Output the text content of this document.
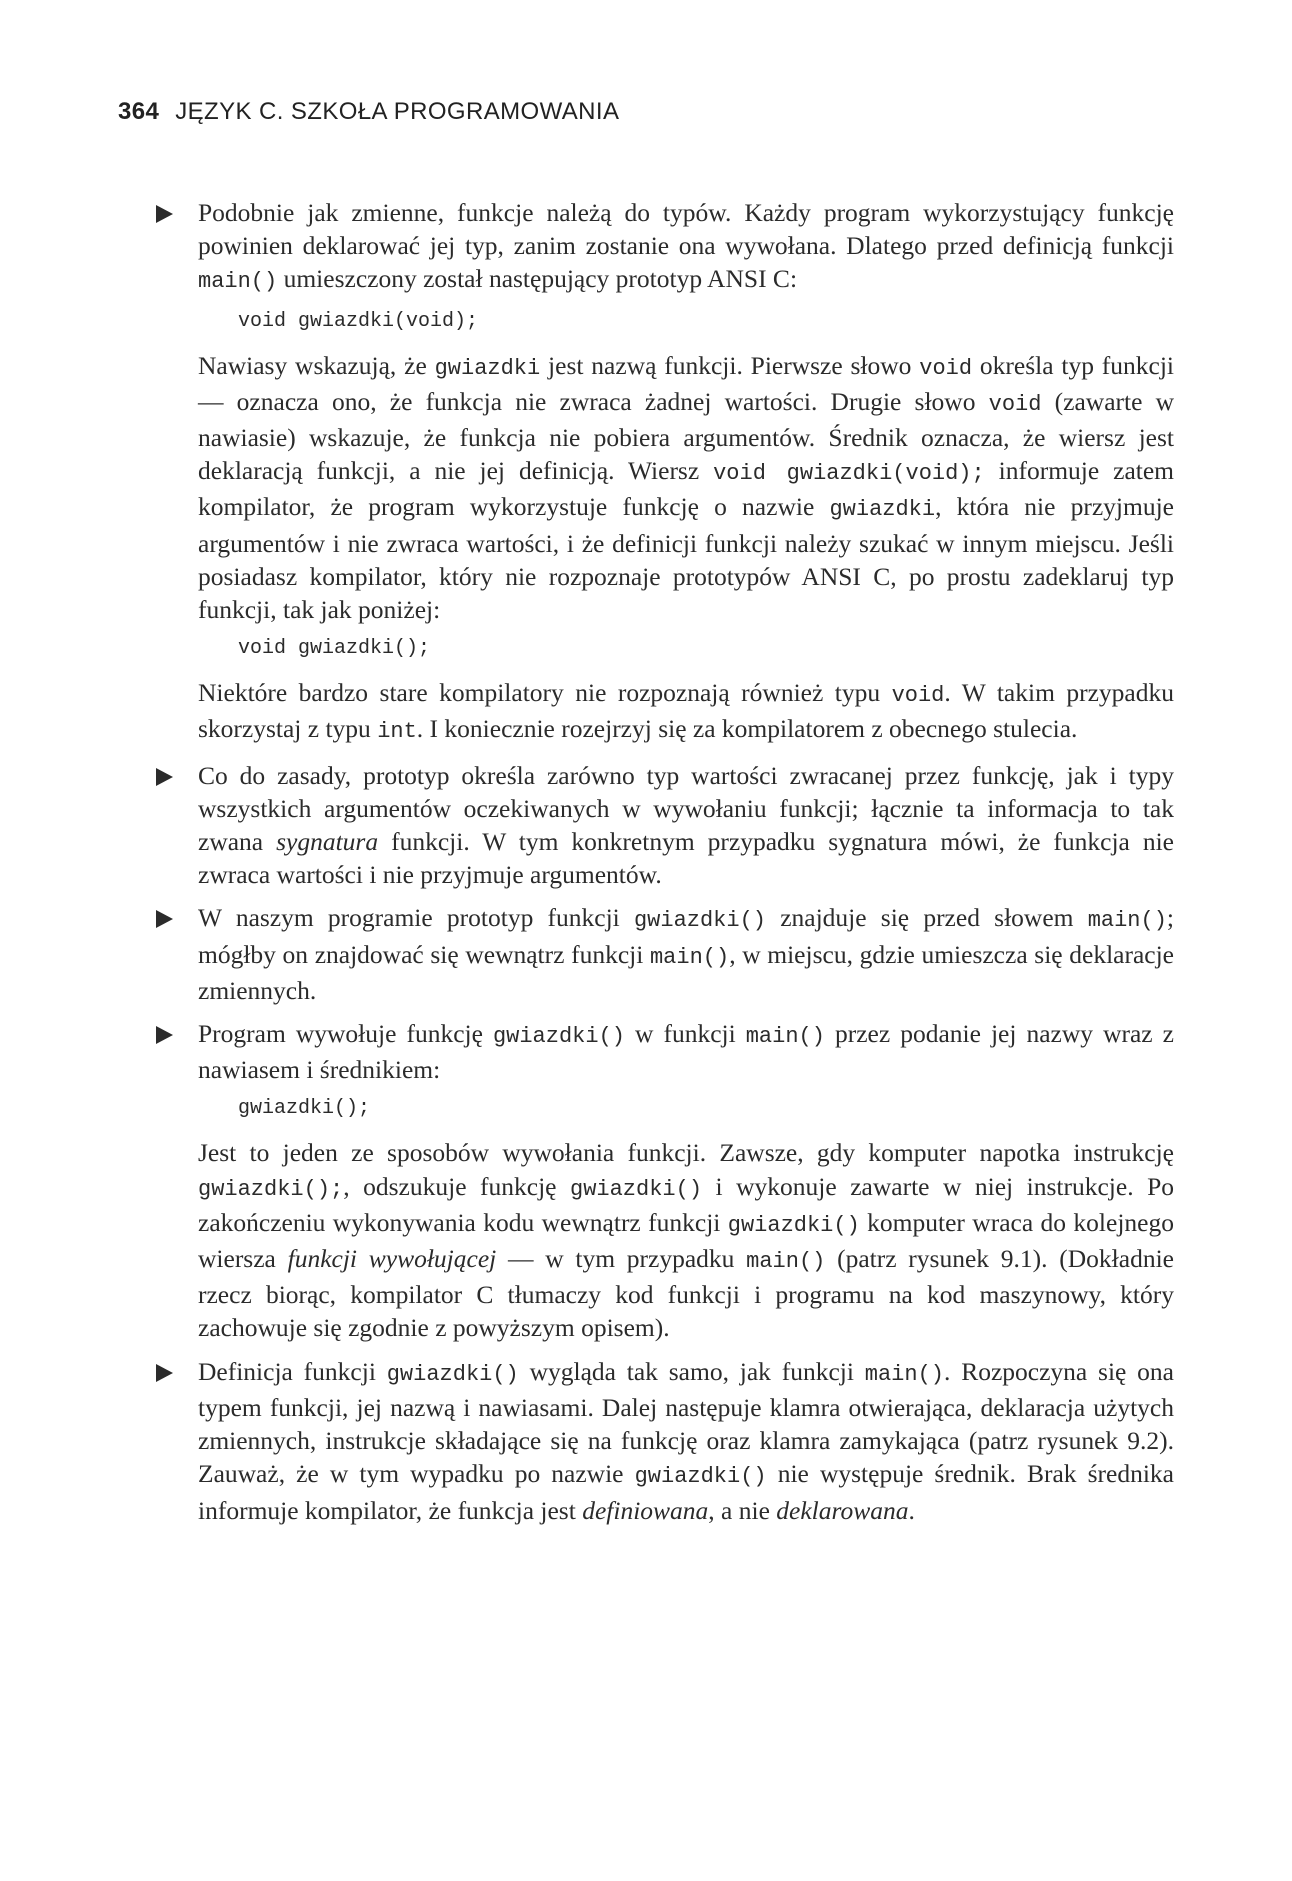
364 JĘZYK C. SZKOŁA PROGRAMOWANIA

Podobnie jak zmienne, funkcje należą do typów. Każdy program wykorzystujący funkcję powinien deklarować jej typ, zanim zostanie ona wywołana. Dlatego przed definicją funkcji main() umieszczony został następujący prototyp ANSI C:

void gwiazdki(void);

Nawiasy wskazują, że gwiazdki jest nazwą funkcji. Pierwsze słowo void określa typ funkcji — oznacza ono, że funkcja nie zwraca żadnej wartości. Drugie słowo void (zawarte w nawiasie) wskazuje, że funkcja nie pobiera argumentów. Średnik oznacza, że wiersz jest deklaracją funkcji, a nie jej definicją. Wiersz void gwiazdki(void); informuje zatem kompilator, że program wykorzystuje funkcję o nazwie gwiazdki, która nie przyjmuje argumentów i nie zwraca wartości, i że definicji funkcji należy szukać w innym miejscu. Jeśli posiadasz kompilator, który nie rozpoznaje prototypów ANSI C, po prostu zadeklaruj typ funkcji, tak jak poniżej:

void gwiazdki();

Niektóre bardzo stare kompilatory nie rozpoznają również typu void. W takim przypadku skorzystaj z typu int. I koniecznie rozejrzyj się za kompilatorem z obecnego stulecia.

Co do zasady, prototyp określa zarówno typ wartości zwracanej przez funkcję, jak i typy wszystkich argumentów oczekiwanych w wywołaniu funkcji; łącznie ta informacja to tak zwana sygnatura funkcji. W tym konkretnym przypadku sygnatura mówi, że funkcja nie zwraca wartości i nie przyjmuje argumentów.

W naszym programie prototyp funkcji gwiazdki() znajduje się przed słowem main(); mógłby on znajdować się wewnątrz funkcji main(), w miejscu, gdzie umieszcza się deklaracje zmiennych.

Program wywołuje funkcję gwiazdki() w funkcji main() przez podanie jej nazwy wraz z nawiasem i średnikiem:

gwiazdki();

Jest to jeden ze sposobów wywołania funkcji. Zawsze, gdy komputer napotka instrukcję gwiazdki();, odszukuje funkcję gwiazdki() i wykonuje zawarte w niej instrukcje. Po zakończeniu wykonywania kodu wewnątrz funkcji gwiazdki() komputer wraca do kolejnego wiersza funkcji wywołującej — w tym przypadku main() (patrz rysunek 9.1). (Dokładnie rzecz biorąc, kompilator C tłumaczy kod funkcji i programu na kod maszynowy, który zachowuje się zgodnie z powyższym opisem).

Definicja funkcji gwiazdki() wygląda tak samo, jak funkcji main(). Rozpoczyna się ona typem funkcji, jej nazwą i nawiasami. Dalej następuje klamra otwierająca, deklaracja użytych zmiennych, instrukcje składające się na funkcję oraz klamra zamykająca (patrz rysunek 9.2). Zauważ, że w tym wypadku po nazwie gwiazdki() nie występuje średnik. Brak średnika informuje kompilator, że funkcja jest definiowana, a nie deklarowana.
